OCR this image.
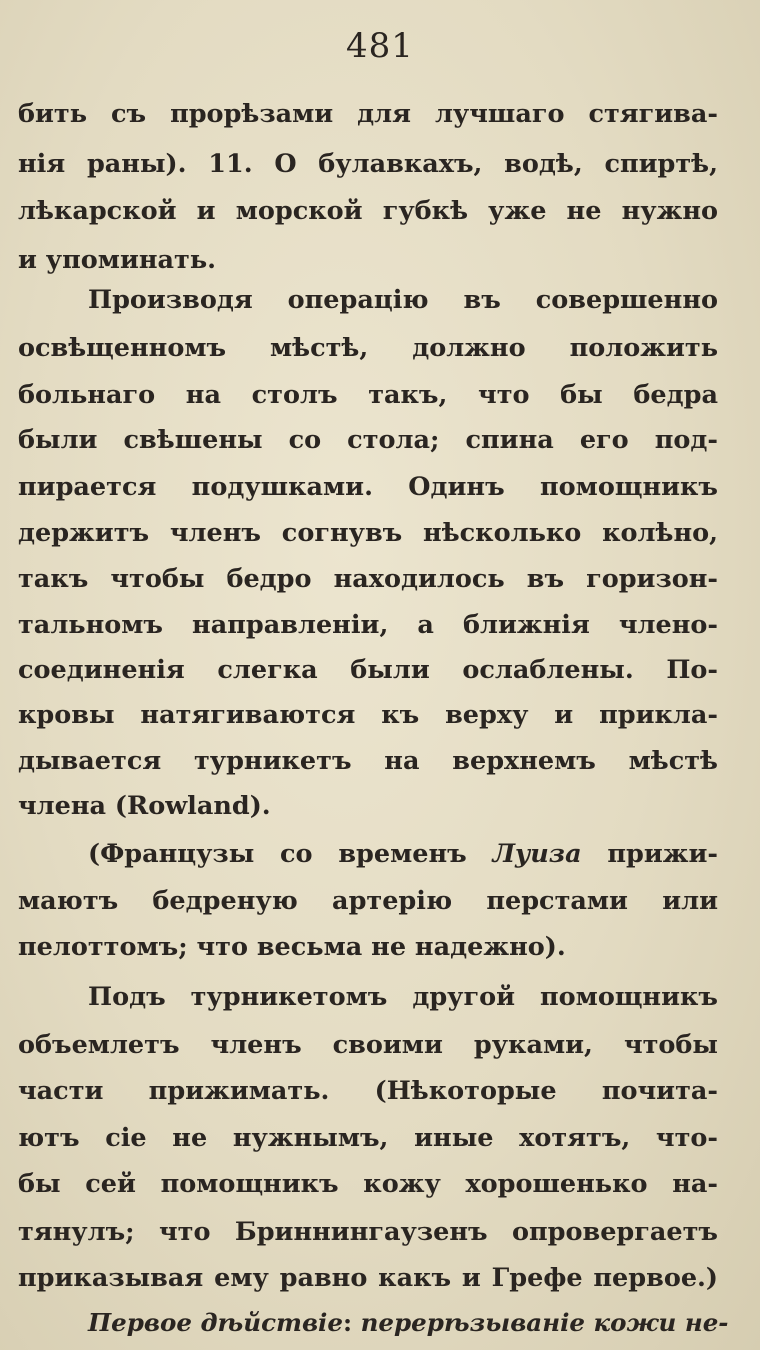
481
бить съ прорѣзами для лучшаго стягива-
нія раны). 11. О булавкахъ, водѣ, спиртѣ,
лѣкарской и морской губкѣ уже не нужно
и упоминать.
Производя операцію въ совершенно
освѣщенномъ мѣстѣ, должно положить
больнаго на столъ такъ, что бы бедра
были свѣшены со стола; спина его под-
пирается подушками. Одинъ помощникъ
держитъ членъ согнувъ нѣсколько колѣно,
такъ чтобы бедро находилось въ горизон-
тальномъ направленіи, а ближнія члено-
соединенія слегка были ослаблены. По-
кровы натягиваются къ верху и прикла-
дывается турникетъ на верхнемъ мѣстѣ
члена (Rowland).
(Французы со временъ Луиза прижи-
маютъ бедреную артерію перстами или
пелоттомъ; что весьма не надежно).
Подъ турникетомъ другой помощникъ
объемлетъ членъ своими руками, чтобы
части прижимать. (Нѣкоторые почита-
ютъ сіе не нужнымъ, иные хотятъ, что-
бы сей помощникъ кожу хорошенько на-
тянулъ; что Бриннингаузенъ опровергаетъ
приказывая ему равно какъ и Грефе первое.)
Первое дѣйствіе: перерѣзываніе кожи не-
